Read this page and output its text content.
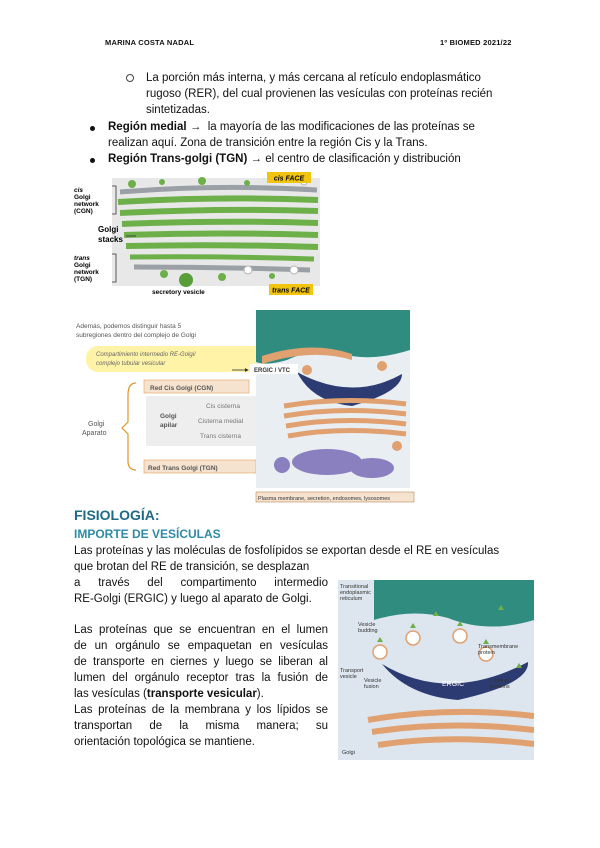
MARINA COSTA NADAL	1º BIOMED 2021/22

La porción más interna, y más cercana al retículo endoplasmático

rugoso (RER), del cual provienen las vesículas con proteínas recién

sintetizadas.

Región medial → la mayoría de las modificaciones de las proteínas se

realizan aquí. Zona de transición entre la región Cis y la Trans.

Región Trans-golgi (TGN) → el centro de clasificación y distribución

cis FACE
trans FACE
cis
Golgi
network
(CGN)
Golgi
stacks
trans
Golgi
network
(TGN)
secretory vesicle
Además, podemos distinguir hasta 5
subregiones dentro del complejo de Golgi
Compartimiento intermedio RE-Golgi/
complejo tubular vesicular
Golgi
Aparato
Red Cis Golgi (CGN)
Golgi
apilar
Cis cisterna
Cisterna medial
Trans cisterna
Red Trans Golgi (TGN)
ERGIC / VTC
Plasma membrane, secretion, endosomes, lysosomes

FISIOLOGÍA:

IMPORTE DE VESÍCULAS

Las proteínas y las moléculas de fosfolípidos se exportan desde el RE en vesículas

que brotan del RE de transición, se desplazan

a través del compartimento intermedio

RE-Golgi (ERGIC) y luego al aparato de Golgi.

Las proteínas que se encuentran en el lumen

de un orgánulo se empaquetan en vesículas

de transporte en ciernes y luego se liberan al

lumen del orgánulo receptor tras la fusión de

las vesículas (transporte vesicular).

Las proteínas de la membrana y los lípidos se

transportan de la misma manera; su

orientación topológica se mantiene.

Transitional
endoplasmic
reticulum
Vesicle
budding
Transport
vesicle
Vesicle
fusion
Transmembrane
protein
Luminal
proteins
Golgi
ERGIC
